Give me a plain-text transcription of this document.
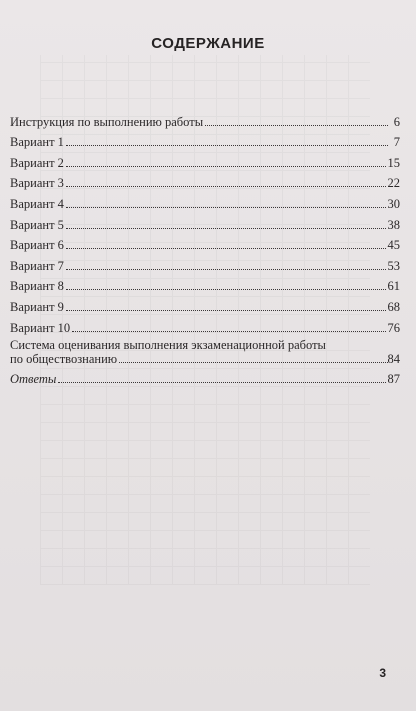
СОДЕРЖАНИЕ
Инструкция по выполнению работы	6
Вариант 1	7
Вариант 2	15
Вариант 3	22
Вариант 4	30
Вариант 5	38
Вариант 6	45
Вариант 7	53
Вариант 8	61
Вариант 9	68
Вариант 10	76
Система оценивания выполнения экзаменационной работы
по обществознанию	84
Ответы	87
3
